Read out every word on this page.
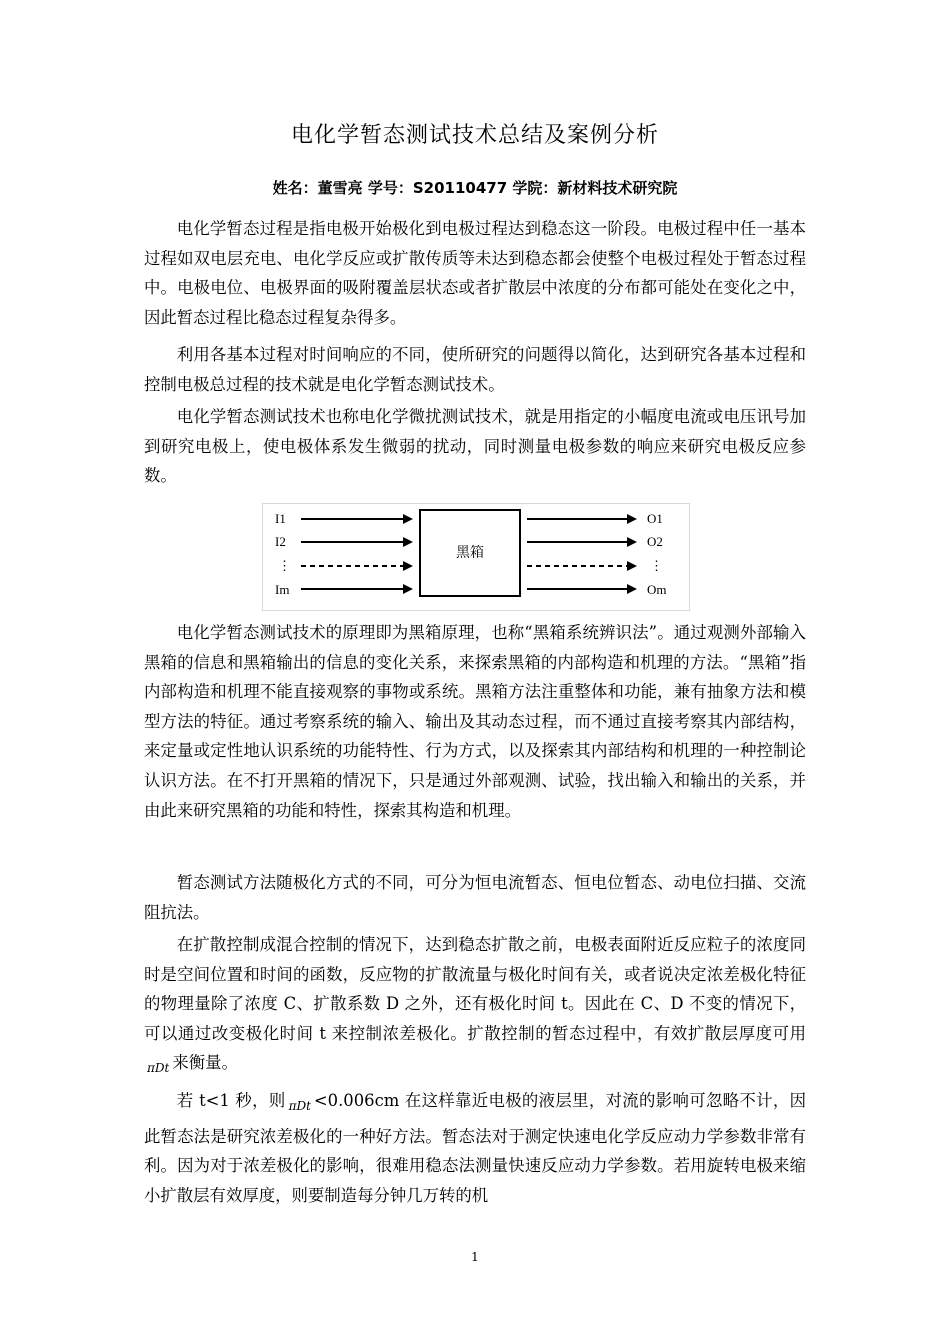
电化学暂态测试技术总结及案例分析
姓名：董雪亮 学号：S20110477 学院：新材料技术研究院

电化学暂态过程是指电极开始极化到电极过程达到稳态这一阶段。电极过程中任一基本过程如双电层充电、电化学反应或扩散传质等未达到稳态都会使整个电极过程处于暂态过程中。电极电位、电极界面的吸附覆盖层状态或者扩散层中浓度的分布都可能处在变化之中，因此暂态过程比稳态过程复杂得多。

利用各基本过程对时间响应的不同，使所研究的问题得以简化，达到研究各基本过程和控制电极总过程的技术就是电化学暂态测试技术。

电化学暂态测试技术也称电化学微扰测试技术，就是用指定的小幅度电流或电压讯号加到研究电极上，使电极体系发生微弱的扰动，同时测量电极参数的响应来研究电极反应参数。

I1
I2
⋮
Im
黑箱
O1
O2
⋮
Om

电化学暂态测试技术的原理即为黑箱原理，也称“黑箱系统辨识法”。通过观测外部输入黑箱的信息和黑箱输出的信息的变化关系，来探索黑箱的内部构造和机理的方法。“黑箱”指内部构造和机理不能直接观察的事物或系统。黑箱方法注重整体和功能，兼有抽象方法和模型方法的特征。通过考察系统的输入、输出及其动态过程，而不通过直接考察其内部结构，来定量或定性地认识系统的功能特性、行为方式，以及探索其内部结构和机理的一种控制论认识方法。在不打开黑箱的情况下，只是通过外部观测、试验，找出输入和输出的关系，并由此来研究黑箱的功能和特性，探索其构造和机理。

暂态测试方法随极化方式的不同，可分为恒电流暂态、恒电位暂态、动电位扫描、交流阻抗法。

在扩散控制成混合控制的情况下，达到稳态扩散之前，电极表面附近反应粒子的浓度同时是空间位置和时间的函数，反应物的扩散流量与极化时间有关，或者说决定浓差极化特征的物理量除了浓度 C、扩散系数 D 之外，还有极化时间 t。因此在 C、D 不变的情况下，可以通过改变极化时间 t 来控制浓差极化。扩散控制的暂态过程中，有效扩散层厚度可用$_{\pi Dt}$ 来衡量。

若 t<1 秒，则 $_{\pi Dt}$ <0.006cm 在这样靠近电极的液层里，对流的影响可忽略不计，因此暂态法是研究浓差极化的一种好方法。暂态法对于测定快速电化学反应动力学参数非常有利。因为对于浓差极化的影响，很难用稳态法测量快速反应动力学参数。若用旋转电极来缩小扩散层有效厚度，则要制造每分钟几万转的机

1
